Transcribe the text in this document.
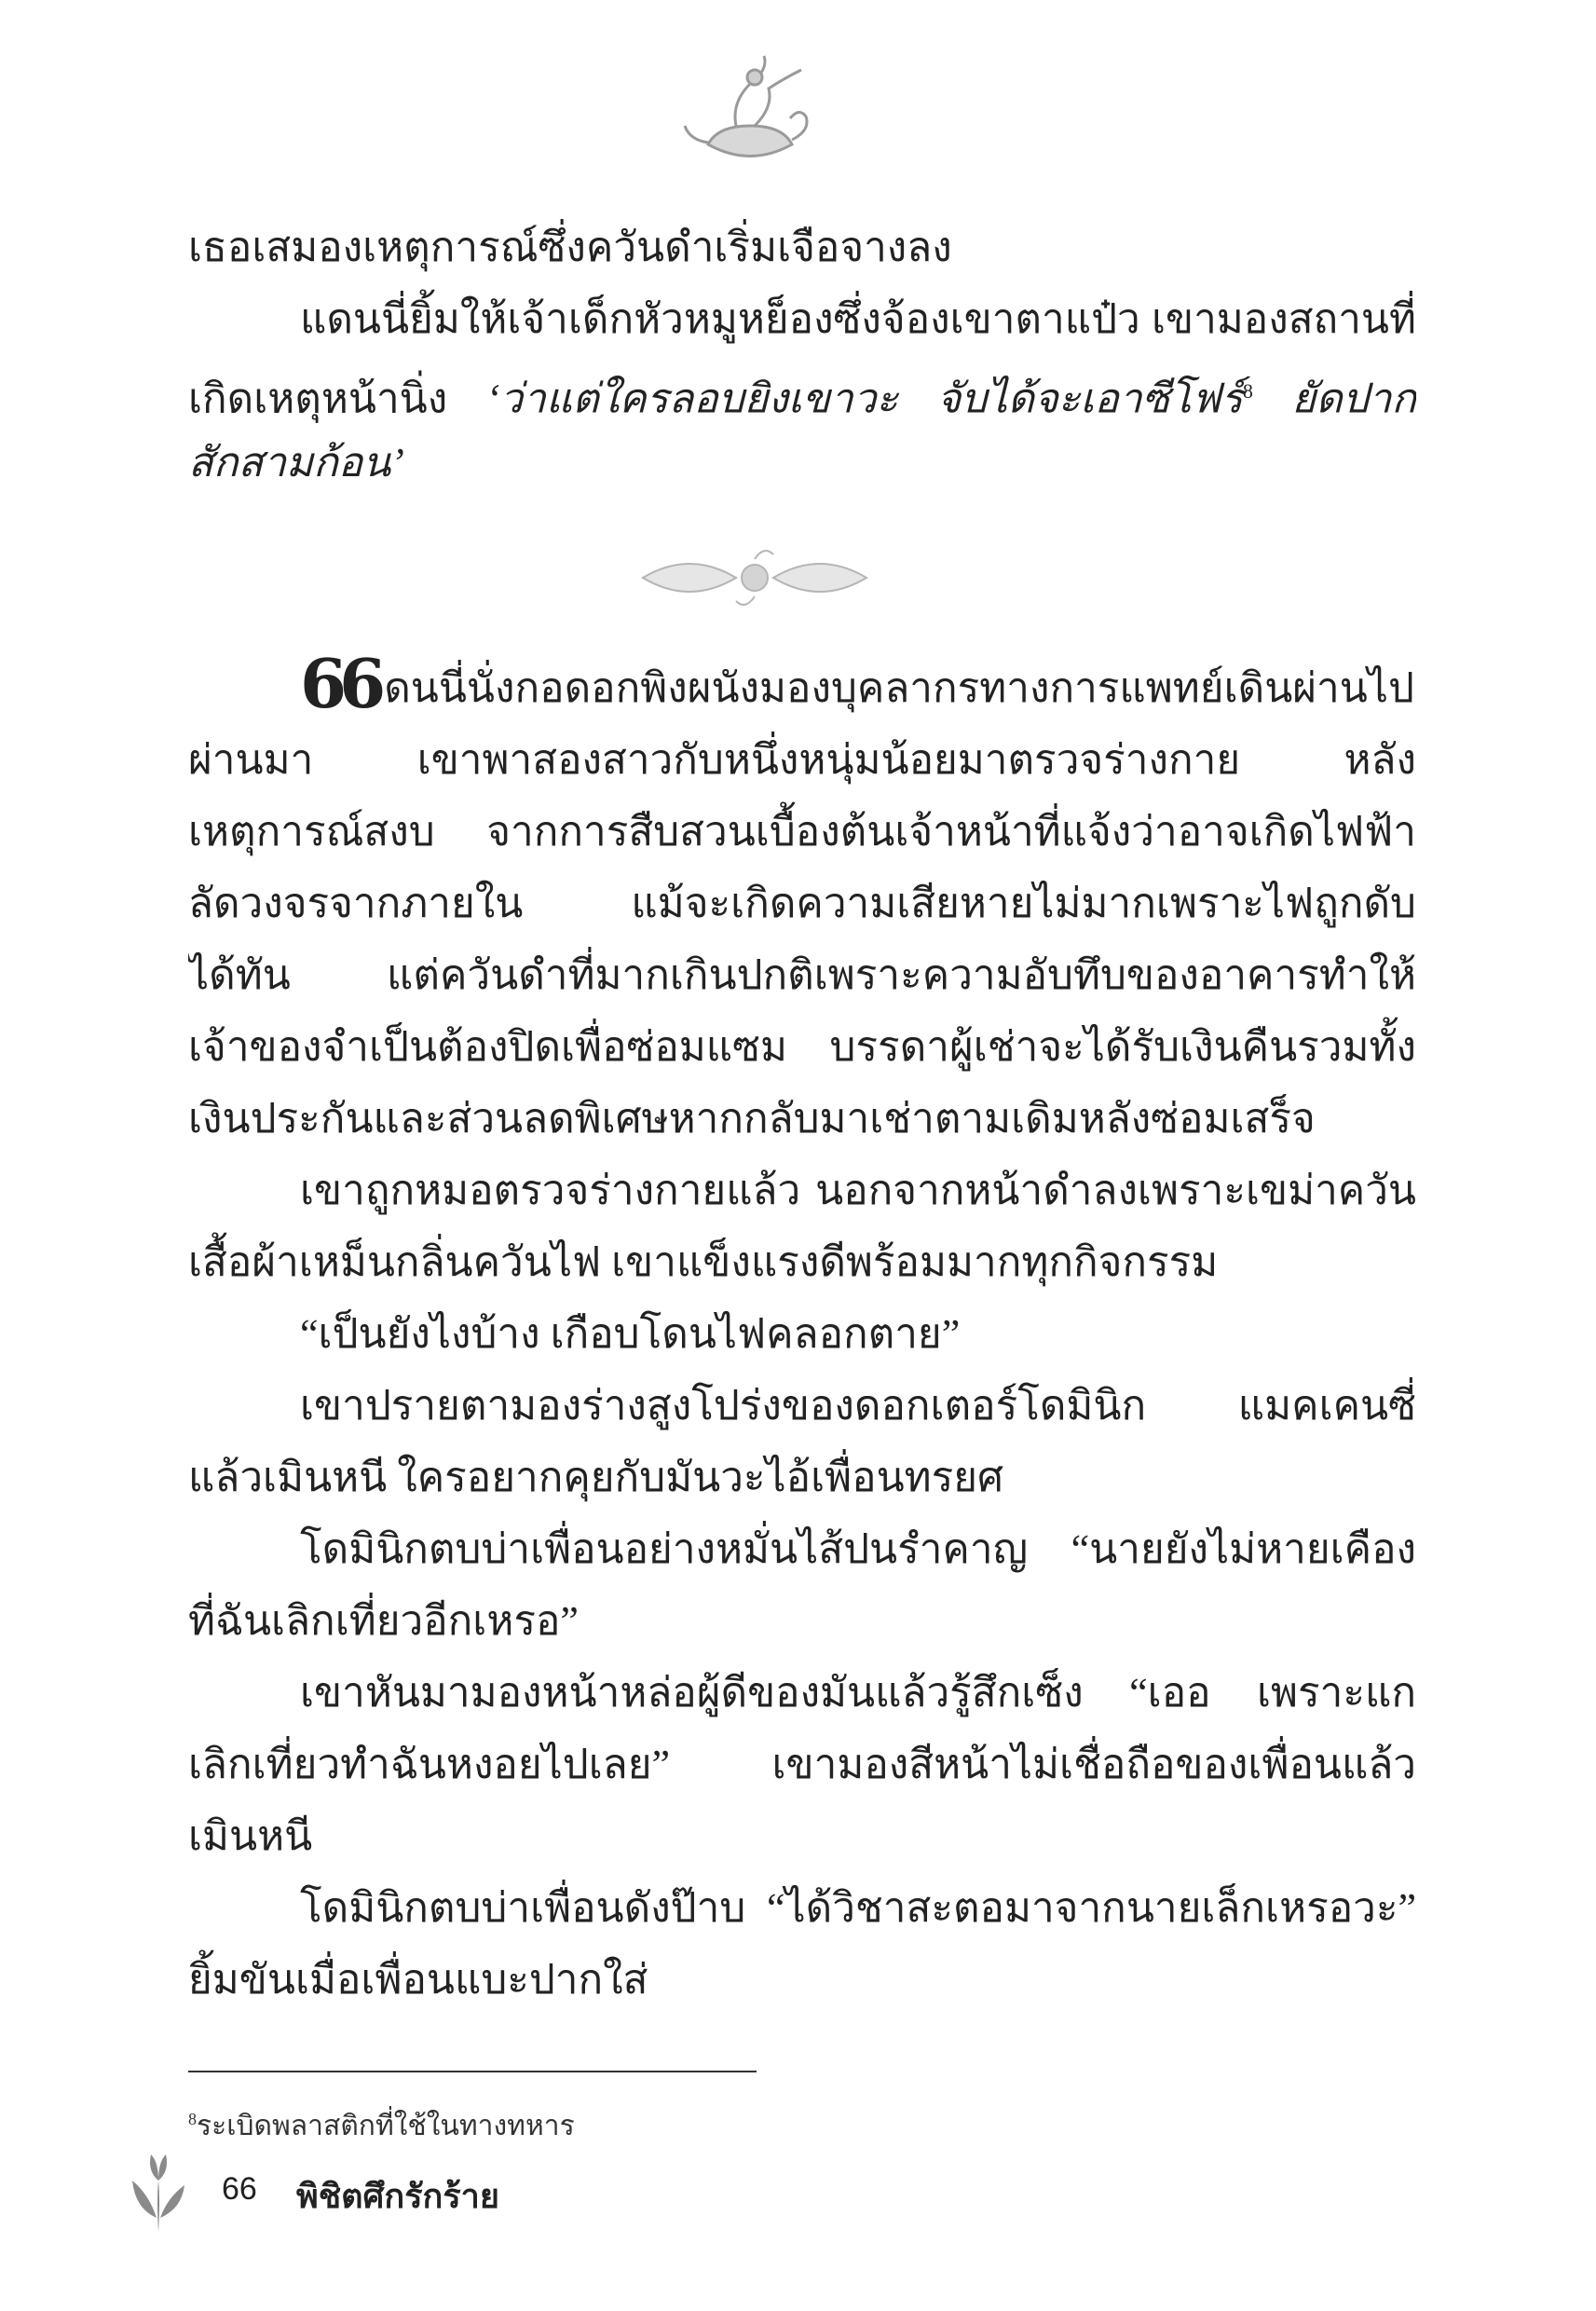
เธอเสมองเหตุการณ์ซึ่งควันดำเริ่มเจือจางลง
แดนนี่ยิ้มให้เจ้าเด็กหัวหมูหย็องซึ่งจ้องเขาตาแป๋ว เขามองสถานที่
เกิดเหตุหน้านิ่ง ‘ว่าแต่ใครลอบยิงเขาวะ จับได้จะเอาซีโฟร์$^8$ ยัดปาก
สักสามก้อน’
66 ดนนี่นั่งกอดอกพิงผนังมองบุคลากรทางการแพทย์เดินผ่านไป
ผ่านมา เขาพาสองสาวกับหนึ่งหนุ่มน้อยมาตรวจร่างกาย หลัง
เหตุการณ์สงบ จากการสืบสวนเบื้องต้นเจ้าหน้าที่แจ้งว่าอาจเกิดไฟฟ้า
ลัดวงจรจากภายใน แม้จะเกิดความเสียหายไม่มากเพราะไฟถูกดับ
ได้ทัน แต่ควันดำที่มากเกินปกติเพราะความอับทึบของอาคารทำให้
เจ้าของจำเป็นต้องปิดเพื่อซ่อมแซม บรรดาผู้เช่าจะได้รับเงินคืนรวมทั้ง
เงินประกันและส่วนลดพิเศษหากกลับมาเช่าตามเดิมหลังซ่อมเสร็จ
เขาถูกหมอตรวจร่างกายแล้ว นอกจากหน้าดำลงเพราะเขม่าควัน
เสื้อผ้าเหม็นกลิ่นควันไฟ เขาแข็งแรงดีพร้อมมากทุกกิจกรรม
“เป็นยังไงบ้าง เกือบโดนไฟคลอกตาย”
เขาปรายตามองร่างสูงโปร่งของดอกเตอร์โดมินิก แมคเคนซี่
แล้วเมินหนี ใครอยากคุยกับมันวะไอ้เพื่อนทรยศ
โดมินิกตบบ่าเพื่อนอย่างหมั่นไส้ปนรำคาญ “นายยังไม่หายเคือง
ที่ฉันเลิกเที่ยวอีกเหรอ”
เขาหันมามองหน้าหล่อผู้ดีของมันแล้วรู้สึกเซ็ง “เออ เพราะแก
เลิกเที่ยวทำฉันหงอยไปเลย” เขามองสีหน้าไม่เชื่อถือของเพื่อนแล้ว
เมินหนี
โดมินิกตบบ่าเพื่อนดังป๊าบ “ได้วิชาสะตอมาจากนายเล็กเหรอวะ”
ยิ้มขันเมื่อเพื่อนแบะปากใส่
$^8$ระเบิดพลาสติกที่ใช้ในทางทหาร
66 พิชิตศึกรักร้าย
